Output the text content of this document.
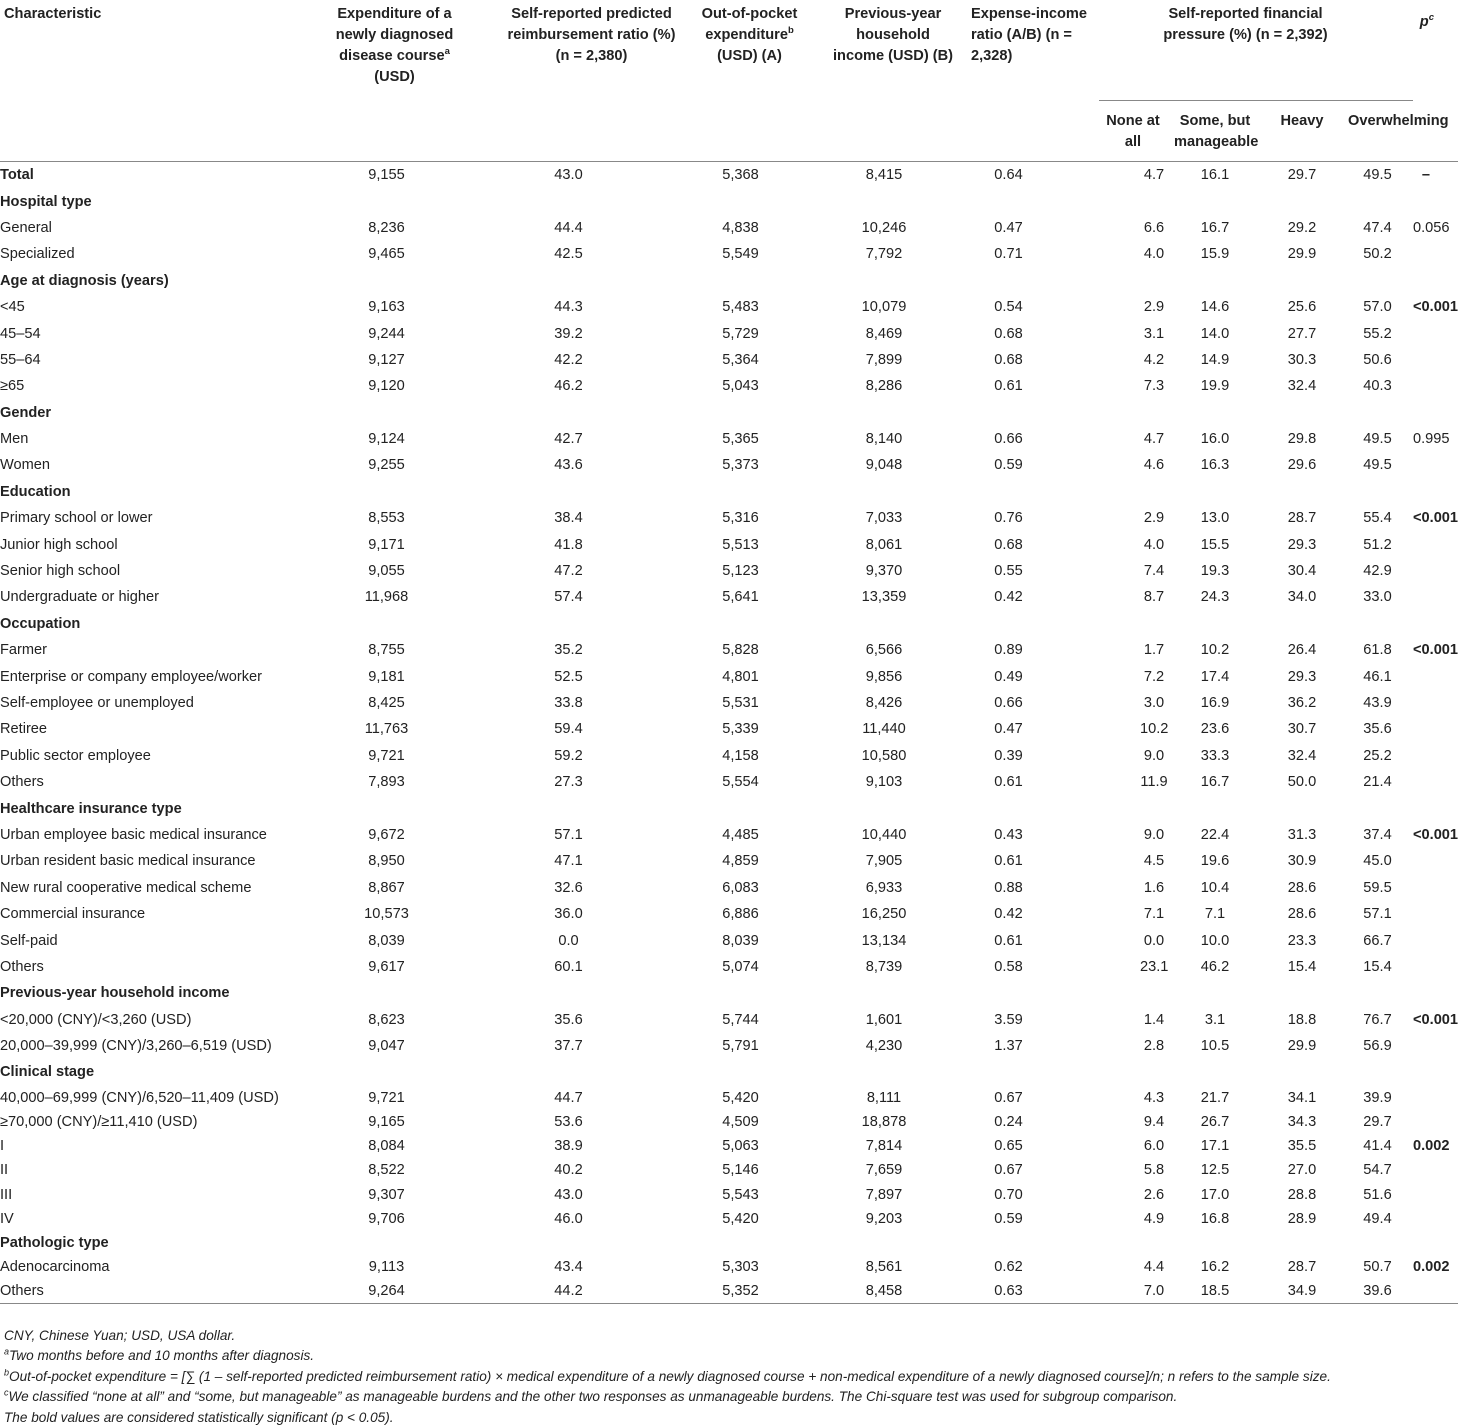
Characteristic	Expenditure of a newly diagnosed disease course$^a$ (USD)	Self-reported predicted reimbursement ratio (%) (n = 2,380)	Out-of-pocket expenditure$^b$ (USD) (A)	Previous-year household income (USD) (B)	Expense-income ratio (A/B) (n = 2,328)	Self-reported financial pressure (%) (n = 2,392)				$p^c$

						None at all	Some, but manageable	Heavy	Overwhelming	
Total	9,155	43.0	5,368	8,415	0.64	4.7	16.1	29.7	49.5	–
Hospital type										
General	8,236	44.4	4,838	10,246	0.47	6.6	16.7	29.2	47.4	0.056
Specialized	9,465	42.5	5,549	7,792	0.71	4.0	15.9	29.9	50.2	
Age at diagnosis (years)										
<45	9,163	44.3	5,483	10,079	0.54	2.9	14.6	25.6	57.0	<0.001
45–54	9,244	39.2	5,729	8,469	0.68	3.1	14.0	27.7	55.2	
55–64	9,127	42.2	5,364	7,899	0.68	4.2	14.9	30.3	50.6	
≥65	9,120	46.2	5,043	8,286	0.61	7.3	19.9	32.4	40.3	
Gender										
Men	9,124	42.7	5,365	8,140	0.66	4.7	16.0	29.8	49.5	0.995
Women	9,255	43.6	5,373	9,048	0.59	4.6	16.3	29.6	49.5	
Education										
Primary school or lower	8,553	38.4	5,316	7,033	0.76	2.9	13.0	28.7	55.4	<0.001
Junior high school	9,171	41.8	5,513	8,061	0.68	4.0	15.5	29.3	51.2	
Senior high school	9,055	47.2	5,123	9,370	0.55	7.4	19.3	30.4	42.9	
Undergraduate or higher	11,968	57.4	5,641	13,359	0.42	8.7	24.3	34.0	33.0	
Occupation										
Farmer	8,755	35.2	5,828	6,566	0.89	1.7	10.2	26.4	61.8	<0.001
Enterprise or company employee/worker	9,181	52.5	4,801	9,856	0.49	7.2	17.4	29.3	46.1	
Self-employee or unemployed	8,425	33.8	5,531	8,426	0.66	3.0	16.9	36.2	43.9	
Retiree	11,763	59.4	5,339	11,440	0.47	10.2	23.6	30.7	35.6	
Public sector employee	9,721	59.2	4,158	10,580	0.39	9.0	33.3	32.4	25.2	
Others	7,893	27.3	5,554	9,103	0.61	11.9	16.7	50.0	21.4	
Healthcare insurance type										
Urban employee basic medical insurance	9,672	57.1	4,485	10,440	0.43	9.0	22.4	31.3	37.4	<0.001
Urban resident basic medical insurance	8,950	47.1	4,859	7,905	0.61	4.5	19.6	30.9	45.0	
New rural cooperative medical scheme	8,867	32.6	6,083	6,933	0.88	1.6	10.4	28.6	59.5	
Commercial insurance	10,573	36.0	6,886	16,250	0.42	7.1	7.1	28.6	57.1	
Self-paid	8,039	0.0	8,039	13,134	0.61	0.0	10.0	23.3	66.7	
Others	9,617	60.1	5,074	8,739	0.58	23.1	46.2	15.4	15.4	
Previous-year household income										
<20,000 (CNY)/<3,260 (USD)	8,623	35.6	5,744	1,601	3.59	1.4	3.1	18.8	76.7	<0.001
20,000–39,999 (CNY)/3,260–6,519 (USD)	9,047	37.7	5,791	4,230	1.37	2.8	10.5	29.9	56.9	
Clinical stage										
40,000–69,999 (CNY)/6,520–11,409 (USD)	9,721	44.7	5,420	8,111	0.67	4.3	21.7	34.1	39.9	
≥70,000 (CNY)/≥11,410 (USD)	9,165	53.6	4,509	18,878	0.24	9.4	26.7	34.3	29.7	
I	8,084	38.9	5,063	7,814	0.65	6.0	17.1	35.5	41.4	0.002
II	8,522	40.2	5,146	7,659	0.67	5.8	12.5	27.0	54.7	
III	9,307	43.0	5,543	7,897	0.70	2.6	17.0	28.8	51.6	
IV	9,706	46.0	5,420	9,203	0.59	4.9	16.8	28.9	49.4	
Pathologic type										
Adenocarcinoma	9,113	43.4	5,303	8,561	0.62	4.4	16.2	28.7	50.7	0.002
Others	9,264	44.2	5,352	8,458	0.63	7.0	18.5	34.9	39.6	
CNY, Chinese Yuan; USD, USA dollar.
$^a$Two months before and 10 months after diagnosis.
$^b$Out-of-pocket expenditure = [∑ (1 – self-reported predicted reimbursement ratio) × medical expenditure of a newly diagnosed course + non-medical expenditure of a newly diagnosed course]/n; n refers to the sample size.
$^c$We classified “none at all” and “some, but manageable” as manageable burdens and the other two responses as unmanageable burdens. The Chi-square test was used for subgroup comparison.
The bold values are considered statistically significant (p < 0.05).
